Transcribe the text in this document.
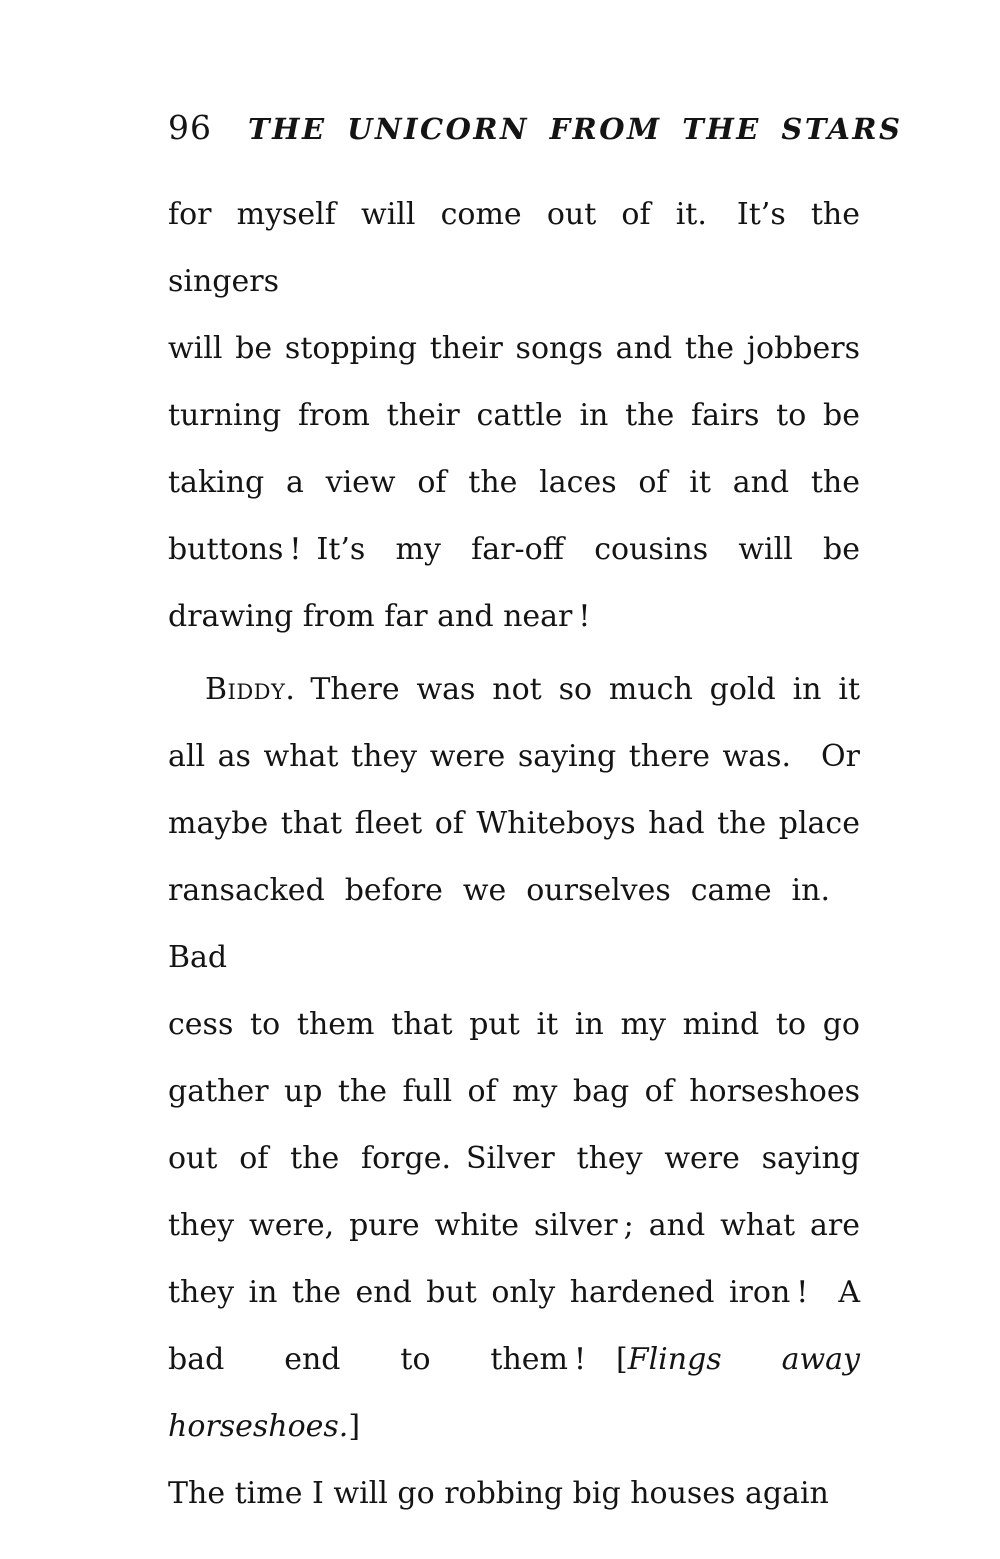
96 THE UNICORN FROM THE STARS
for myself will come out of it. It’s the singers
will be stopping their songs and the jobbers
turning from their cattle in the fairs to be
taking a view of the laces of it and the
buttons ! It’s my far-off cousins will be
drawing from far and near !
Biddy. There was not so much gold in it
all as what they were saying there was. Or
maybe that fleet of Whiteboys had the place
ransacked before we ourselves came in. Bad
cess to them that put it in my mind to go
gather up the full of my bag of horseshoes
out of the forge. Silver they were saying
they were, pure white silver ; and what are
they in the end but only hardened iron ! A
bad end to them ! [Flings away horseshoes.]
The time I will go robbing big houses again
